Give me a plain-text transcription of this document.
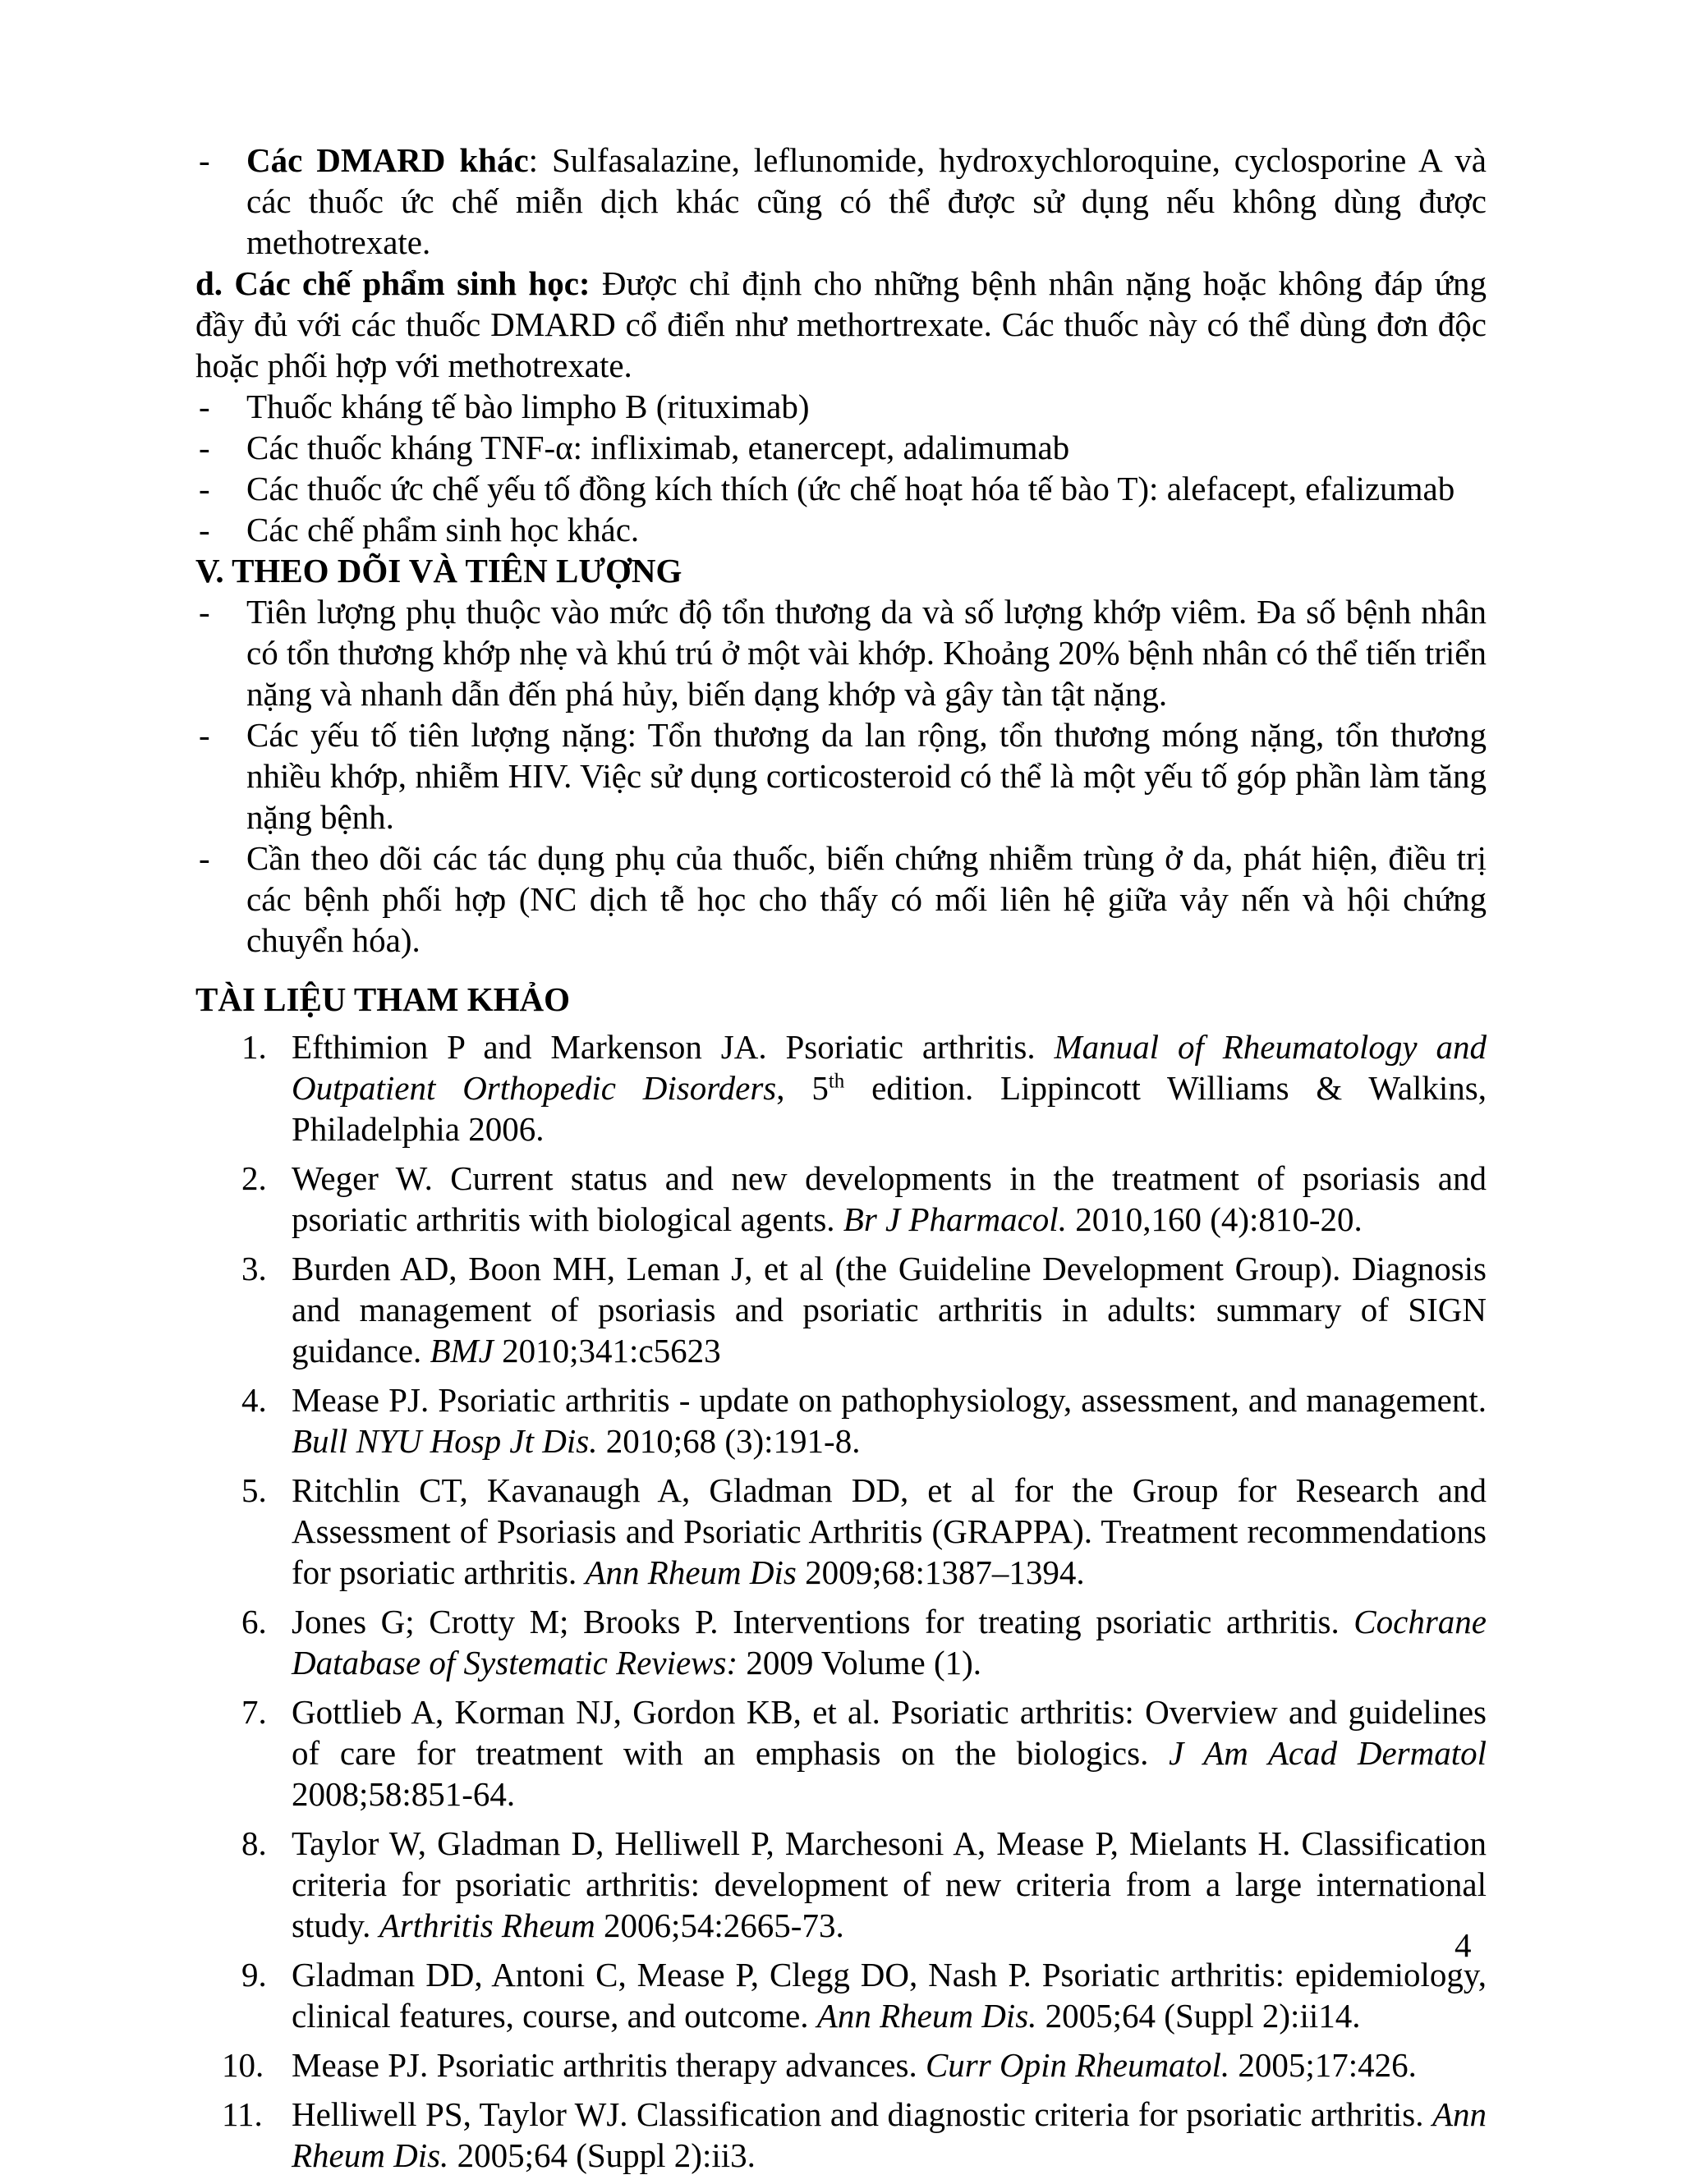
- Các DMARD khác: Sulfasalazine, leflunomide, hydroxychloroquine, cyclosporine A và các thuốc ức chế miễn dịch khác cũng có thể được sử dụng nếu không dùng được methotrexate.
d. Các chế phẩm sinh học: Được chỉ định cho những bệnh nhân nặng hoặc không đáp ứng đầy đủ với các thuốc DMARD cổ điển như methortrexate. Các thuốc này có thể dùng đơn độc hoặc phối hợp với methotrexate.
- Thuốc kháng tế bào limpho B (rituximab)
- Các thuốc kháng TNF-α: infliximab, etanercept, adalimumab
- Các thuốc ức chế yếu tố đồng kích thích (ức chế hoạt hóa tế bào T): alefacept, efalizumab
- Các chế phẩm sinh học khác.
V. THEO DÕI VÀ TIÊN LƯỢNG
- Tiên lượng phụ thuộc vào mức độ tổn thương da và số lượng khớp viêm. Đa số bệnh nhân có tổn thương khớp nhẹ và khú trú ở một vài khớp. Khoảng 20% bệnh nhân có thể tiến triển nặng và nhanh dẫn đến phá hủy, biến dạng khớp và gây tàn tật nặng.
- Các yếu tố tiên lượng nặng: Tổn thương da lan rộng, tổn thương móng nặng, tổn thương nhiều khớp, nhiễm HIV. Việc sử dụng corticosteroid có thể là một yếu tố góp phần làm tăng nặng bệnh.
- Cần theo dõi các tác dụng phụ của thuốc, biến chứng nhiễm trùng ở da, phát hiện, điều trị các bệnh phối hợp (NC dịch tễ học cho thấy có mối liên hệ giữa vảy nến và hội chứng chuyển hóa).
TÀI LIỆU THAM KHẢO
1. Efthimion P and Markenson JA. Psoriatic arthritis. Manual of Rheumatology and Outpatient Orthopedic Disorders, 5th edition. Lippincott Williams & Walkins, Philadelphia 2006.
2. Weger W. Current status and new developments in the treatment of psoriasis and psoriatic arthritis with biological agents. Br J Pharmacol. 2010,160 (4):810-20.
3. Burden AD, Boon MH, Leman J, et al (the Guideline Development Group). Diagnosis and management of psoriasis and psoriatic arthritis in adults: summary of SIGN guidance. BMJ 2010;341:c5623
4. Mease PJ. Psoriatic arthritis - update on pathophysiology, assessment, and management. Bull NYU Hosp Jt Dis. 2010;68 (3):191-8.
5. Ritchlin CT, Kavanaugh A, Gladman DD, et al for the Group for Research and Assessment of Psoriasis and Psoriatic Arthritis (GRAPPA). Treatment recommendations for psoriatic arthritis. Ann Rheum Dis 2009;68:1387–1394.
6. Jones G; Crotty M; Brooks P. Interventions for treating psoriatic arthritis. Cochrane Database of Systematic Reviews: 2009 Volume (1).
7. Gottlieb A, Korman NJ, Gordon KB, et al. Psoriatic arthritis: Overview and guidelines of care for treatment with an emphasis on the biologics. J Am Acad Dermatol 2008;58:851-64.
8. Taylor W, Gladman D, Helliwell P, Marchesoni A, Mease P, Mielants H. Classification criteria for psoriatic arthritis: development of new criteria from a large international study. Arthritis Rheum 2006;54:2665-73.
9. Gladman DD, Antoni C, Mease P, Clegg DO, Nash P. Psoriatic arthritis: epidemiology, clinical features, course, and outcome. Ann Rheum Dis. 2005;64 (Suppl 2):ii14.
10. Mease PJ. Psoriatic arthritis therapy advances. Curr Opin Rheumatol. 2005;17:426.
11. Helliwell PS, Taylor WJ. Classification and diagnostic criteria for psoriatic arthritis. Ann Rheum Dis. 2005;64 (Suppl 2):ii3.
4
